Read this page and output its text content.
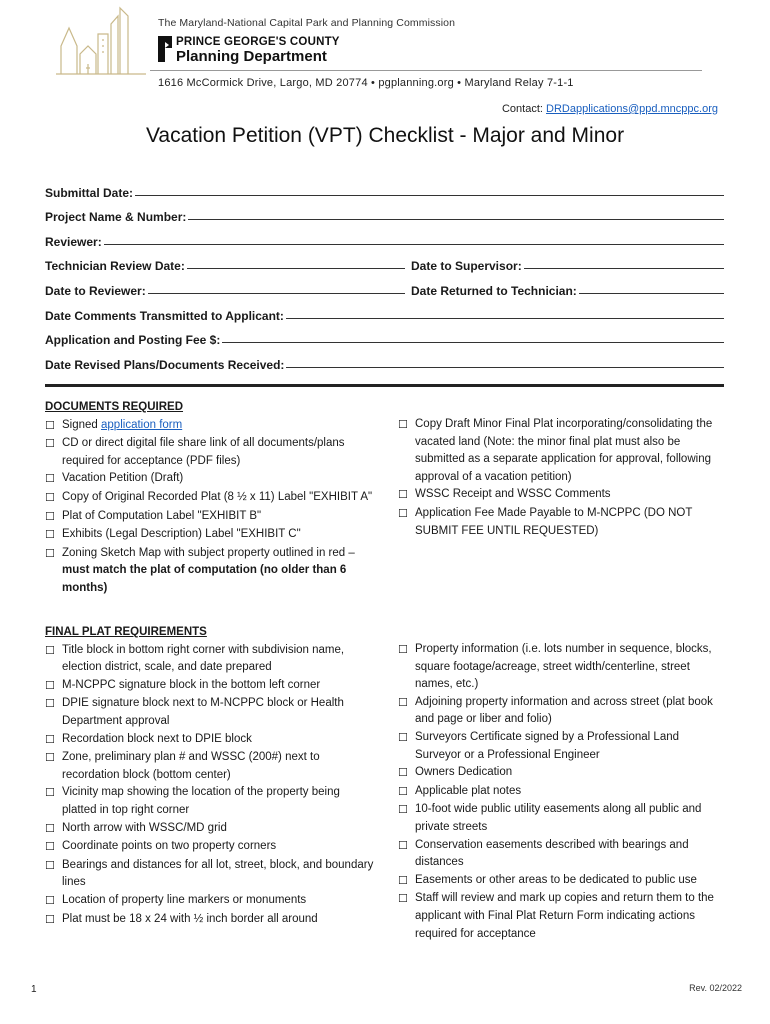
The Maryland-National Capital Park and Planning Commission
PRINCE GEORGE'S COUNTY
Planning Department
1616 McCormick Drive, Largo, MD 20774 • pgplanning.org • Maryland Relay 7-1-1
Contact: DRDapplications@ppd.mncppc.org
Vacation Petition (VPT) Checklist - Major and Minor
Submittal Date:
Project Name & Number:
Reviewer:
Technician Review Date:	Date to Supervisor:
Date to Reviewer:	Date Returned to Technician:
Date Comments Transmitted to Applicant:
Application and Posting Fee $:
Date Revised Plans/Documents Received:
DOCUMENTS REQUIRED
☐
Signed application form
☐
CD or direct digital file share link of all documents/plans required for acceptance (PDF files)
☐
Vacation Petition (Draft)
☐
Copy of Original Recorded Plat (8 ½ x 11) Label "EXHIBIT A"
☐
Plat of Computation Label "EXHIBIT B"
☐
Exhibits (Legal Description) Label "EXHIBIT C"
☐
Zoning Sketch Map with subject property outlined in red – must match the plat of computation (no older than 6 months)
☐
Copy Draft Minor Final Plat incorporating/consolidating the vacated land (Note: the minor final plat must also be submitted as a separate application for approval, following approval of a vacation petition)
☐
WSSC Receipt and WSSC Comments
☐
Application Fee Made Payable to M-NCPPC (DO NOT SUBMIT FEE UNTIL REQUESTED)
FINAL PLAT REQUIREMENTS
☐
Title block in bottom right corner with subdivision name, election district, scale, and date prepared
☐
M-NCPPC signature block in the bottom left corner
☐
DPIE signature block next to M-NCPPC block or Health Department approval
☐
Recordation block next to DPIE block
☐
Zone, preliminary plan # and WSSC (200#) next to recordation block (bottom center)
☐
Vicinity map showing the location of the property being platted in top right corner
☐
North arrow with WSSC/MD grid
☐
Coordinate points on two property corners
☐
Bearings and distances for all lot, street, block, and boundary lines
☐
Location of property line markers or monuments
☐
Plat must be 18 x 24 with ½ inch border all around
☐
Property information (i.e. lots number in sequence, blocks, square footage/acreage, street width/centerline, street names, etc.)
☐
Adjoining property information and across street (plat book and page or liber and folio)
☐
Surveyors Certificate signed by a Professional Land Surveyor or a Professional Engineer
☐
Owners Dedication
☐
Applicable plat notes
☐
10-foot wide public utility easements along all public and private streets
☐
Conservation easements described with bearings and distances
☐
Easements or other areas to be dedicated to public use
☐
Staff will review and mark up copies and return them to the applicant with Final Plat Return Form indicating actions required for acceptance
1	Rev. 02/2022
